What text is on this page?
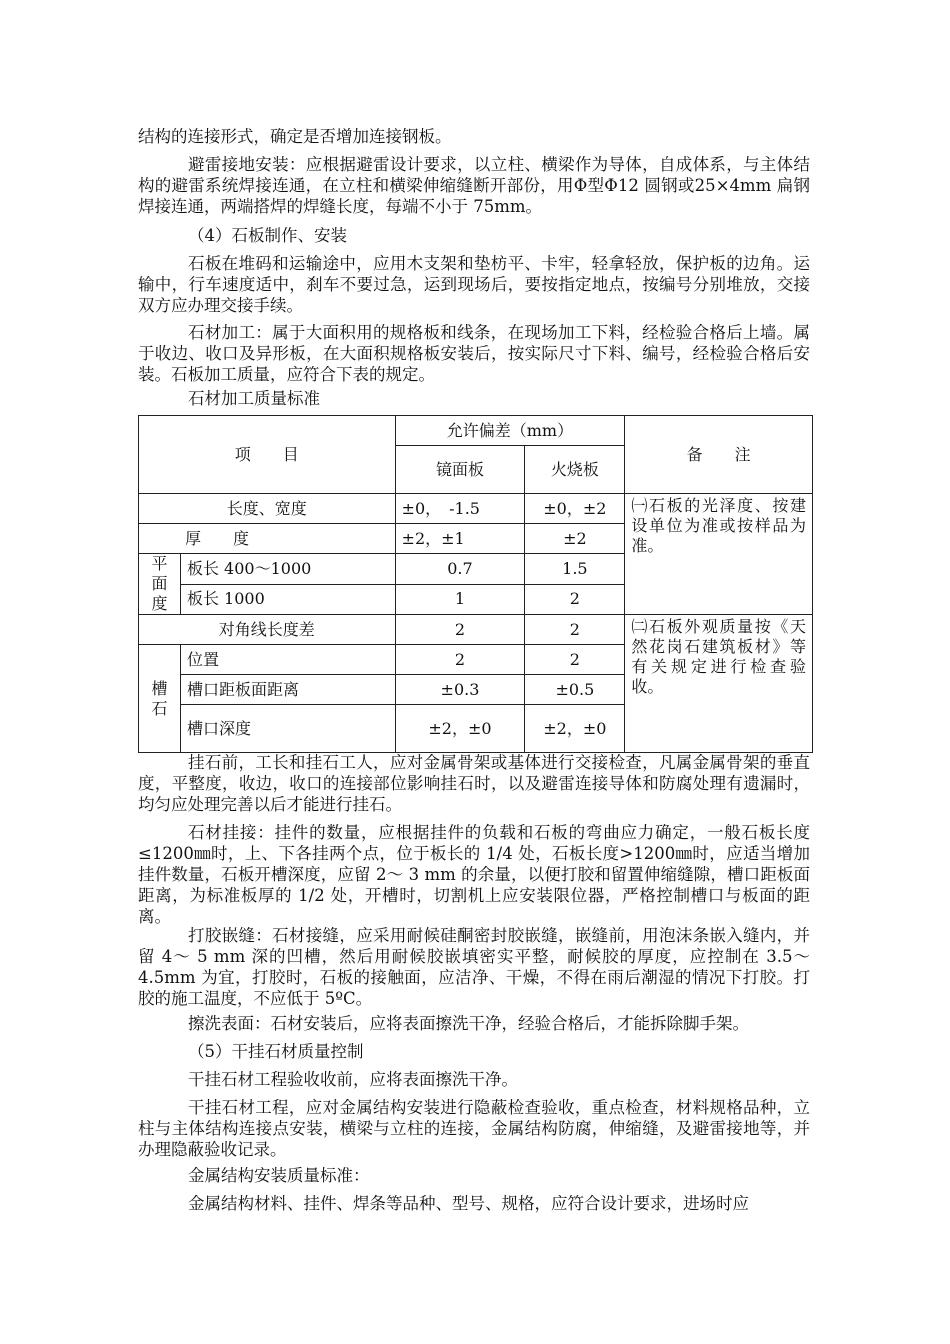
结构的连接形式，确定是否增加连接钢板。
避雷接地安装：应根据避雷设计要求，以立柱、横梁作为导体，自成体系，与主体结构的避雷系统焊接连通，在立柱和横梁伸缩缝断开部份，用Φ型Φ12 圆钢或25×4mm 扁钢焊接连通，两端搭焊的焊缝长度，每端不小于 75mm。
（4）石板制作、安装
石板在堆码和运输途中，应用木支架和垫枋平、卡牢，轻拿轻放，保护板的边角。运输中，行车速度适中，刹车不要过急，运到现场后，要按指定地点，按编号分别堆放，交接双方应办理交接手续。
石材加工：属于大面积用的规格板和线条，在现场加工下料，经检验合格后上墙。属于收边、收口及异形板，在大面积规格板安装后，按实际尺寸下料、编号，经检验合格后安装。石板加工质量，应符合下表的规定。
石材加工质量标准
项　　目		允许偏差（mm）		备　　注
		镜面板	火烧板	
长度、宽度		±0，　-1.5	±0，±2	㈠石板的光泽度、按建设单位为准或按样品为准。
厚　　度		±2，±1	±2	
平面度	板长 400～1000	0.7	1.5	
	板长 1000	1	2	
对角线长度差		2	2	㈡石板外观质量按《天然花岗石建筑板材》等有关规定进行检查验收。
槽石	位置	2	2	
	槽口距板面距离	±0.3	±0.5	
	槽口深度	±2，±0	±2，±0	
挂石前，工长和挂石工人，应对金属骨架或基体进行交接检查，凡属金属骨架的垂直度，平整度，收边，收口的连接部位影响挂石时，以及避雷连接导体和防腐处理有遗漏时，均匀应处理完善以后才能进行挂石。
石材挂接：挂件的数量，应根据挂件的负载和石板的弯曲应力确定，一般石板长度≤1200㎜时，上、下各挂两个点，位于板长的 1/4 处，石板长度>1200㎜时，应适当增加挂件数量，石板开槽深度，应留 2～ 3 mm 的余量，以便打胶和留置伸缩缝隙，槽口距板面距离，为标准板厚的 1/2 处，开槽时，切割机上应安装限位器，严格控制槽口与板面的距离。
打胶嵌缝：石材接缝，应采用耐候硅酮密封胶嵌缝，嵌缝前，用泡沫条嵌入缝内，并留 4～ 5 mm 深的凹槽，然后用耐候胶嵌填密实平整，耐候胶的厚度，应控制在 3.5～4.5mm 为宜，打胶时，石板的接触面，应洁净、干燥，不得在雨后潮湿的情况下打胶。打胶的施工温度，不应低于 5ºC。
擦洗表面：石材安装后，应将表面擦洗干净，经验合格后，才能拆除脚手架。
（5）干挂石材质量控制
干挂石材工程验收收前，应将表面擦洗干净。
干挂石材工程，应对金属结构安装进行隐蔽检查验收，重点检查，材料规格品种，立柱与主体结构连接点安装，横梁与立柱的连接，金属结构防腐，伸缩缝，及避雷接地等，并办理隐蔽验收记录。
金属结构安装质量标准：
金属结构材料、挂件、焊条等品种、型号、规格，应符合设计要求，进场时应
